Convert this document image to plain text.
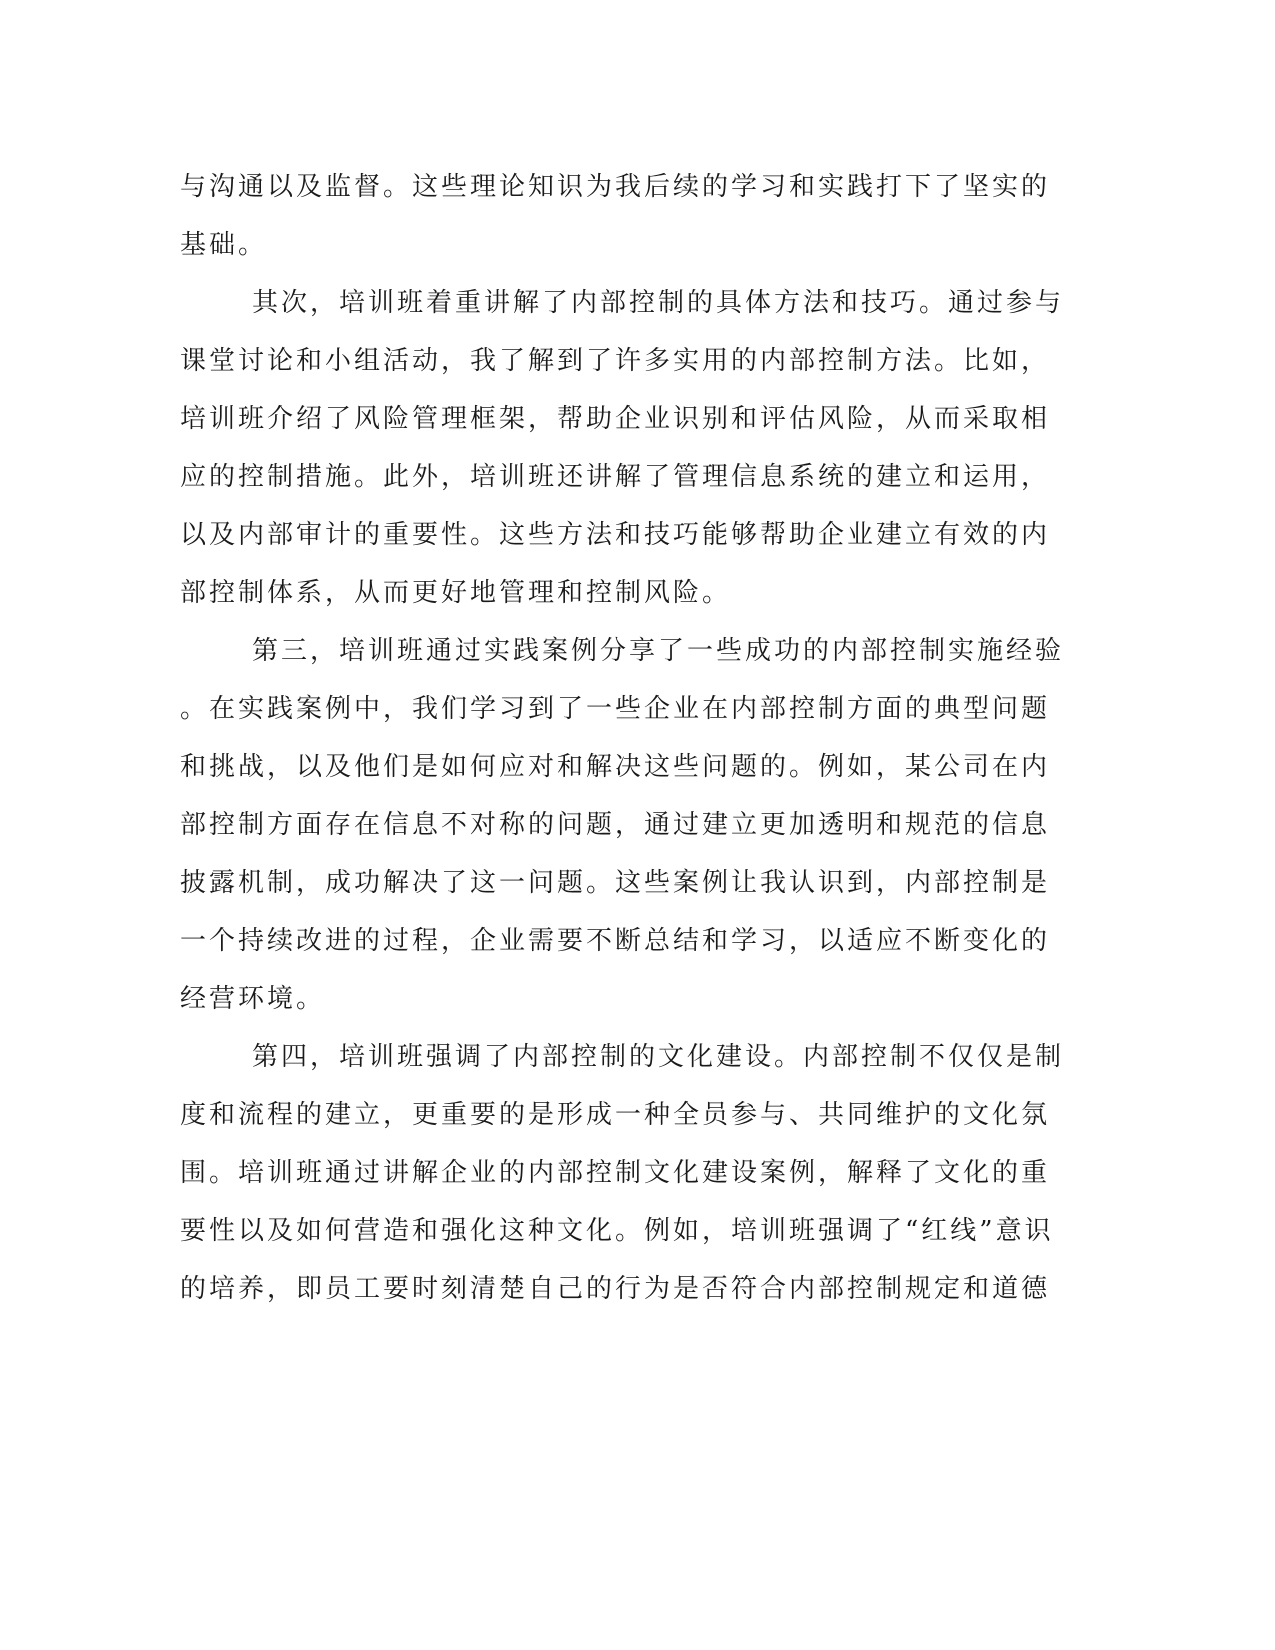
与沟通以及监督。这些理论知识为我后续的学习和实践打下了坚实的
基础。
其次，培训班着重讲解了内部控制的具体方法和技巧。通过参与
课堂讨论和小组活动，我了解到了许多实用的内部控制方法。比如，
培训班介绍了风险管理框架，帮助企业识别和评估风险，从而采取相
应的控制措施。此外，培训班还讲解了管理信息系统的建立和运用，
以及内部审计的重要性。这些方法和技巧能够帮助企业建立有效的内
部控制体系，从而更好地管理和控制风险。
第三，培训班通过实践案例分享了一些成功的内部控制实施经验
。在实践案例中，我们学习到了一些企业在内部控制方面的典型问题
和挑战，以及他们是如何应对和解决这些问题的。例如，某公司在内
部控制方面存在信息不对称的问题，通过建立更加透明和规范的信息
披露机制，成功解决了这一问题。这些案例让我认识到，内部控制是
一个持续改进的过程，企业需要不断总结和学习，以适应不断变化的
经营环境。
第四，培训班强调了内部控制的文化建设。内部控制不仅仅是制
度和流程的建立，更重要的是形成一种全员参与、共同维护的文化氛
围。培训班通过讲解企业的内部控制文化建设案例，解释了文化的重
要性以及如何营造和强化这种文化。例如，培训班强调了“红线”意识
的培养，即员工要时刻清楚自己的行为是否符合内部控制规定和道德
